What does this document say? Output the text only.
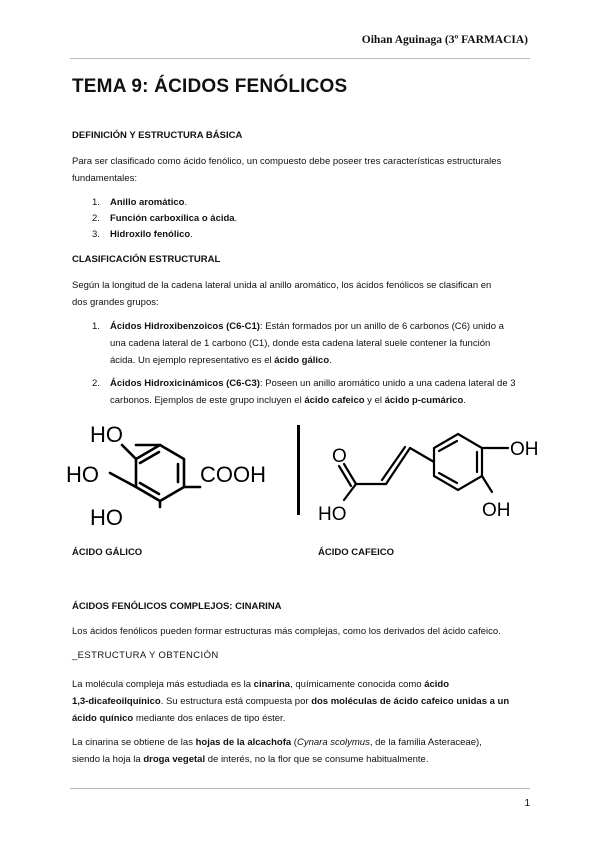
Oihan Aguinaga (3º FARMACIA)
TEMA 9: ÁCIDOS FENÓLICOS
DEFINICIÓN Y ESTRUCTURA BÁSICA
Para ser clasificado como ácido fenólico, un compuesto debe poseer tres características estructurales
fundamentales:
1. Anillo aromático.
2. Función carboxílica o ácida.
3. Hidroxilo fenólico.
CLASIFICACIÓN ESTRUCTURAL
Según la longitud de la cadena lateral unida al anillo aromático, los ácidos fenólicos se clasifican en
dos grandes grupos:
1. Ácidos Hidroxibenzoicos (C6-C1): Están formados por un anillo de 6 carbonos (C6) unido a
una cadena lateral de 1 carbono (C1), donde esta cadena lateral suele contener la función
ácida. Un ejemplo representativo es el ácido gálico.
2. Ácidos Hidroxicinámicos (C6-C3): Poseen un anillo aromático unido a una cadena lateral de 3
carbonos. Ejemplos de este grupo incluyen el ácido cafeico y el ácido p-cumárico.
HO
HO
HO
COOH
O
HO
OH
OH
ÁCIDO GÁLICO	ÁCIDO CAFEICO
ÁCIDOS FENÓLICOS COMPLEJOS: CINARINA
Los ácidos fenólicos pueden formar estructuras más complejas, como los derivados del ácido cafeico.
_ESTRUCTURA Y OBTENCIÓN
La molécula compleja más estudiada es la cinarina, químicamente conocida como ácido
1,3-dicafeoilquínico. Su estructura está compuesta por dos moléculas de ácido cafeico unidas a un
ácido quínico mediante dos enlaces de tipo éster.
La cinarina se obtiene de las hojas de la alcachofa (Cynara scolymus, de la familia Asteraceae),
siendo la hoja la droga vegetal de interés, no la flor que se consume habitualmente.
1
